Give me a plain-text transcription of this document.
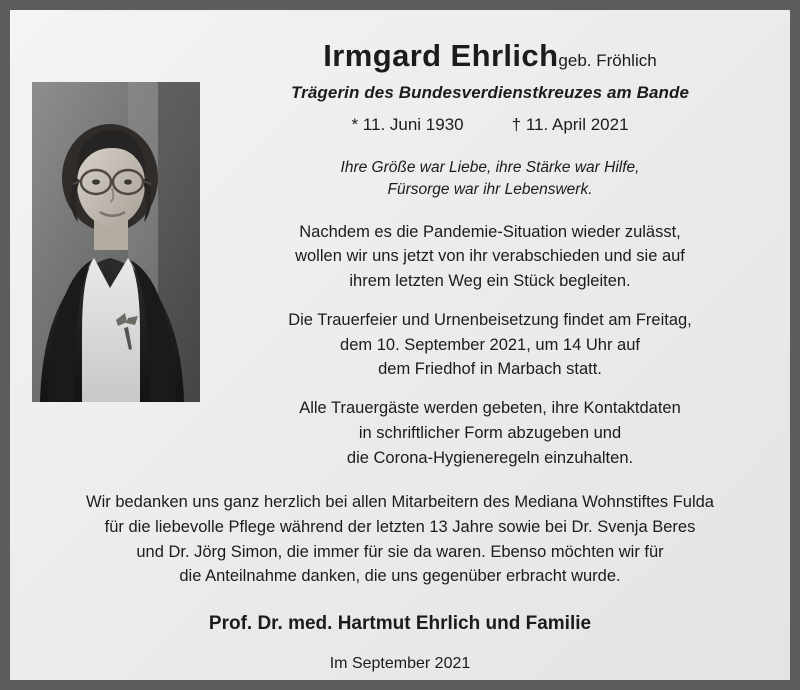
Irmgard Ehrlichgeb. Fröhlich
Trägerin des Bundesverdienstkreuzes am Bande
* 11. Juni 1930	† 11. April 2021
Ihre Größe war Liebe, ihre Stärke war Hilfe,
Fürsorge war ihr Lebenswerk.
Nachdem es die Pandemie-Situation wieder zulässt,
wollen wir uns jetzt von ihr verabschieden und sie auf
ihrem letzten Weg ein Stück begleiten.
Die Trauerfeier und Urnenbeisetzung findet am Freitag,
dem 10. September 2021, um 14 Uhr auf
dem Friedhof in Marbach statt.
Alle Trauergäste werden gebeten, ihre Kontaktdaten
in schriftlicher Form abzugeben und
die Corona-Hygieneregeln einzuhalten.
Wir bedanken uns ganz herzlich bei allen Mitarbeitern des Mediana Wohnstiftes Fulda
für die liebevolle Pflege während der letzten 13 Jahre sowie bei Dr. Svenja Beres
und Dr. Jörg Simon, die immer für sie da waren. Ebenso möchten wir für
die Anteilnahme danken, die uns gegenüber erbracht wurde.
Prof. Dr. med. Hartmut Ehrlich und Familie
Im September 2021
